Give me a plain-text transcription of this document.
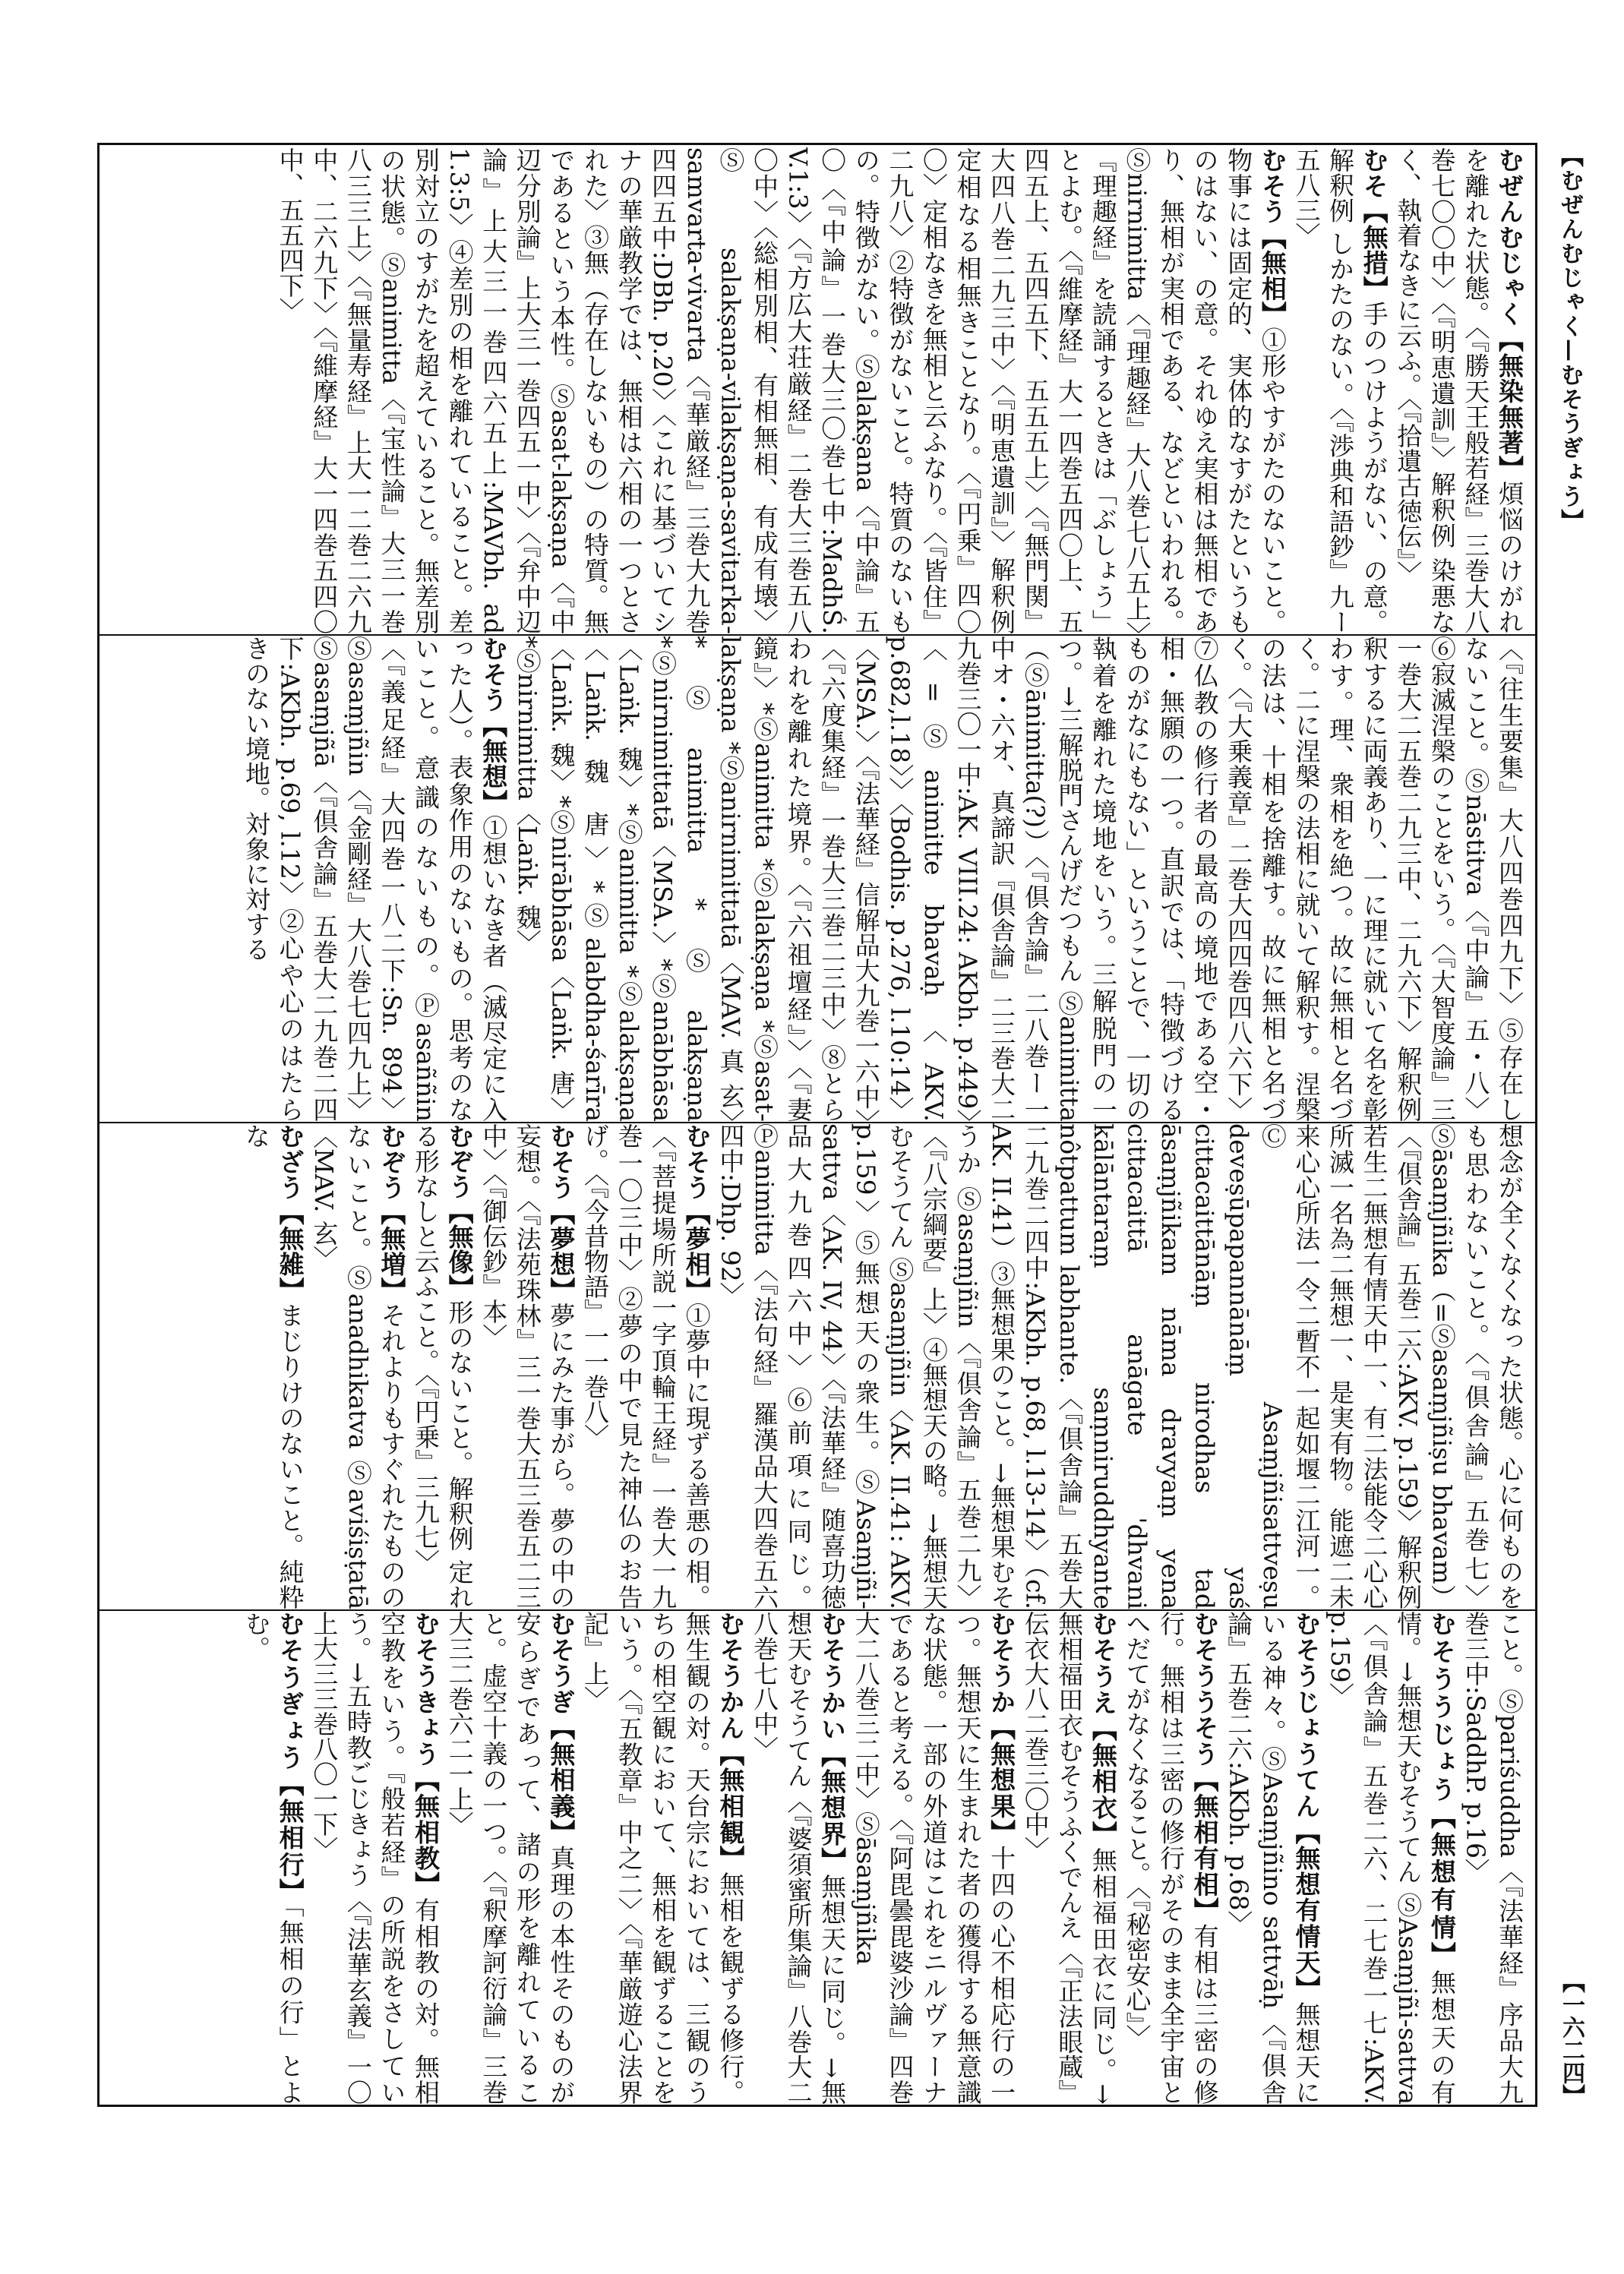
【むぜんむじゃく—むそうぎょう】
【一六二四】
むぜんむじゃく【無染無著】煩悩のけがれを離れた状態。〈『勝天王般若経』三巻大八巻七〇〇中〉〈『明恵遺訓』〉解釈例 染悪なく、執着なきに云ふ。〈『拾遺古徳伝』〉
むそ【無措】手のつけようがない、の意。解釈例 しかたのない。〈『渉典和語鈔』九ー五八三〉
むそう【無相】①形やすがたのないこと。物事には固定的、実体的なすがたというものはない、の意。それゆえ実相は無相であり、無相が実相である、などといわれる。Ⓢnirnimitta〈『理趣経』大八巻七八五上〉『理趣経』を読誦するときは「ぶしょう」とよむ。〈『維摩経』大一四巻五四〇上、五四五上、五四五下、五五五上〉〈『無門関』大四八巻二九三中〉〈『明恵遺訓』〉解釈例 定相なる相無きことなり。〈『円乗』四〇〇〉定相なきを無相と云ふなり。〈『皆住』二九八〉②特徴がないこと。特質のないもの。特徴がない。Ⓢalakṣana〈『中論』五〇〈『中論』一巻大三〇巻七中:MadhŚ. V.1:3〉〈『方広大荘厳経』二巻大三巻五八〇中〉〈総相別相、有相無相、有成有壊〉Ⓢsalakṣaṇa-vilakṣaṇa-savitarka-samvarta-vivarta〈『華厳経』三巻大九巻四四五中:DBh. p.20〉〈これに基づいてシナの華厳教学では、無相は六相の一つとされた〉③無（存在しないもの）の特質。無であるという本性。Ⓢasat-lakṣaṇa〈『中辺分別論』上大三一巻四五一中〉〈『弁中辺論』上大三一巻四六五上:MAVbh. ad 1.3:5〉④差別の相を離れていること。差別対立のすがたを超えていること。無差別の状態。Ⓢanimitta〈『宝性論』大三一巻八三三上〉〈『無量寿経』上大一二巻二六九中、二六九下〉〈『維摩経』大一四巻五四〇中、五五四下〉
〈『往生要集』大八四巻四九下〉⑤存在しないこと。Ⓢnāstitva〈『中論』五・八〉⑥寂滅涅槃のことをいう。〈『大智度論』三一巻大二五巻二九三中、二九六下〉解釈例 釈するに両義あり、一に理に就いて名を彰わす。理、衆相を絶つ。故に無相と名づく。二に涅槃の法相に就いて解釈す。涅槃の法は、十相を捨離す。故に無相と名づく。〈『大乗義章』二巻大四四巻四八六下〉⑦仏教の修行者の最高の境地である空・相・無願の一つ。直訳では、「特徴づけるものがなにもない」ということで、一切の執着を離れた境地をいう。三解脱門の一つ。→三解脱門さんげだつもん Ⓢanimitta（Ⓢānimitta(?)）〈『倶舎論』二八巻ー一中オ・六オ、真諦訳『倶舎論』二三巻大二九巻三〇一中:AK. VIII.24: AKbh. p.449〉〈=Ⓢanimitte bhavaḥ〈AKV. p.682,l.18〉〉〈Bodhis. p.276, l.10:14〉〈MSA.〉〈『法華経』信解品大九巻一六中〉〈『六度集経』一巻大三巻二三中〉⑧とらわれを離れた境界。〈『六祖壇経』〉〈『妻鏡』〉*Ⓢanimitta *Ⓢalakṣaṇa *Ⓢasat-lakṣaṇa *Ⓢanirnimittatā〈MAV. 真 玄〉*Ⓢanimitta *Ⓢalakṣaṇa *Ⓢnirnimittatā〈MSA.〉*Ⓢanābhāsa〈Laṅk. 魏〉*Ⓢanimitta *Ⓢalakṣaṇa〈Laṅk. 魏 唐〉*Ⓢalabdha-śarīra〈Laṅk. 魏〉*Ⓢnirābhāsa〈Laṅk. 唐〉*Ⓢnirnimitta〈Laṅk. 魏〉
むそう【無想】①想いなき者（滅尽定に入った人）。表象作用のないもの。思考のないこと。意識のないもの。Ⓟasaññin〈『義足経』大四巻一八二下:Sn. 894〉Ⓢasaṃjñin〈『金剛経』大八巻七四九上〉Ⓢasaṃjñā〈『倶舎論』五巻大二九巻二四下:AKbh. p.69, l.12〉②心や心のはたらきのない境地。対象に対する
想念が全くなくなった状態。心に何ものをも思わないこと。〈『倶舎論』五巻七〉Ⓢāsaṃjñika（=Ⓢasaṃjñiṣu bhavam）〈『倶舎論』五巻二六:AKV. p.159〉解釈例 若生二無想有情天中一、有二法能令二心心所滅一名為二無想一、是実有物。能遮二未来心心所法一令二暫不一起如堰二江河一。ⒸAsaṃjñisattveṣu deveṣūpapannānāṃ yaś cittacaittānāṃ nirodhas tad āsaṃjñikam nāma dravyaṃ yena cittacaittā anāgate 'dhvani kālāntaraṃ saṃniruddhyante nôtpattum labhante.〈『倶舎論』五巻大二九巻二四中:AKbh. p.68, l.13-14〉（cf. AK. II.41）③無想果のこと。→無想果むそうか Ⓢasaṃjñin〈『倶舎論』五巻二九〉〈『八宗綱要』上〉④無想天の略。→無想天むそうてん Ⓢasaṃjñin〈AK. II.41: AKV. p.159〉⑤無想天の衆生。ⓈAsaṃjñi-sattva〈AK. IV, 44〉〈『法華経』随喜功徳品大九巻四六中〉⑥前項に同じ。Ⓟanimitta〈『法句経』羅漢品大四巻五六四中:Dhp. 92〉
むそう【夢相】①夢中に現ずる善悪の相。〈『菩提場所説一字頂輪王経』一巻大一九巻一〇三中〉②夢の中で見た神仏のお告げ。〈『今昔物語』一一巻八〉
むそう【夢想】夢にみた事がら。夢の中の妄想。〈『法苑珠林』三一巻大五三巻五二三中〉〈『御伝鈔』本〉
むぞう【無像】形のないこと。解釈例 定れる形なしと云ふこと。〈『円乗』三九七〉
むぞう【無増】それよりもすぐれたもののないこと。Ⓢanadhikatva Ⓢaviśiṣṭatā〈MAV. 玄〉
むざう【無雑】まじりけのないこと。純粋な
こと。Ⓢpariśuddha〈『法華経』序品大九巻三中:SaddhP. p.16〉
むそううじょう【無想有情】無想天の有情。→無想天むそうてん ⓈAsaṃjñi-sattva〈『倶舎論』五巻二六、二七巻一七:AKV. p.159〉
むそうじょうてん【無想有情天】無想天にいる神々。ⓈAsaṃjñino sattvāḥ〈『倶舎論』五巻二六:AKbh. p.68〉
むそううそう【無相有相】有相は三密の修行。無相は三密の修行がそのまま全宇宙とへだてがなくなること。〈『秘密安心』〉
むそうえ【無相衣】無相福田衣に同じ。→無相福田衣むそうふくでんえ〈『正法眼蔵』伝衣大八二巻三〇中〉
むそうか【無想果】十四の心不相応行の一つ。無想天に生まれた者の獲得する無意識な状態。一部の外道はこれをニルヴァーナであると考える。〈『阿毘曇毘婆沙論』四巻大二八巻三二中〉Ⓢāsaṃjñika
むそうかい【無想界】無想天に同じ。→無想天むそうてん〈『婆須蜜所集論』八巻大二八巻七八中〉
むそうかん【無相観】無相を観ずる修行。無生観の対。天台宗においては、三観のうちの相空観において、無相を観ずることをいう。〈『五教章』中之二〉〈『華厳遊心法界記』上〉
むそうぎ【無相義】真理の本性そのものが安らぎであって、諸の形を離れていること。虚空十義の一つ。〈『釈摩訶衍論』三巻大三二巻六二一上〉
むそうきょう【無相教】有相教の対。無相空教をいう。『般若経』の所説をさしていう。→五時教ごじきょう〈『法華玄義』一〇上大三三巻八〇一下〉
むそうぎょう【無相行】「無相の行」とよむ。
